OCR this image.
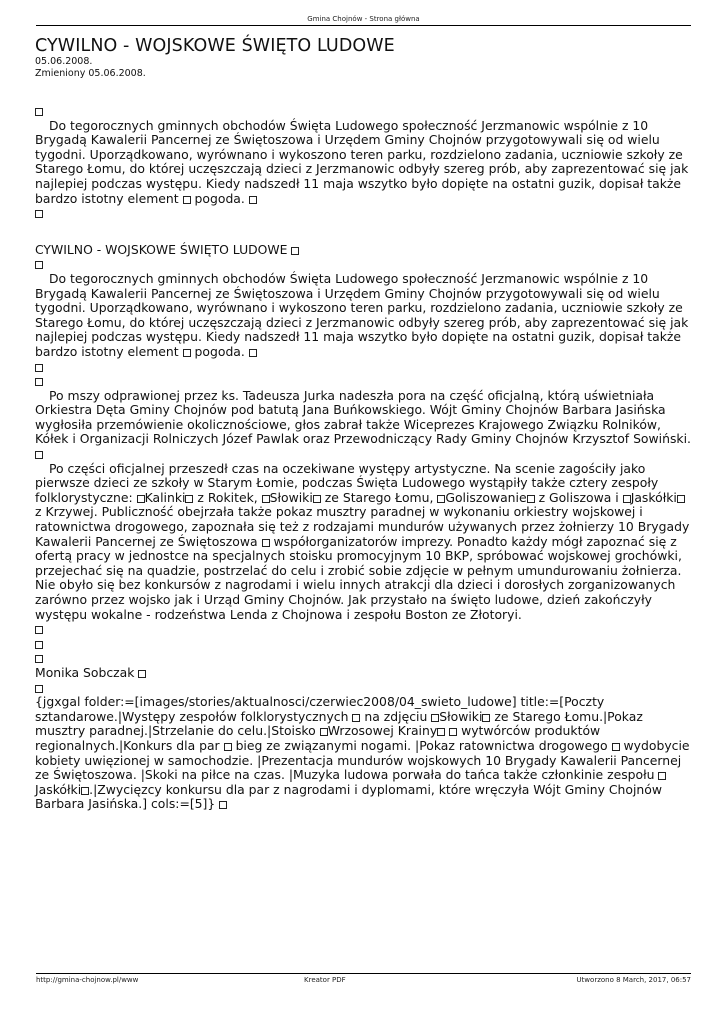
Gmina Chojnów - Strona główna
CYWILNO - WOJSKOWE ŚWIĘTO LUDOWE
05.06.2008.
Zmieniony 05.06.2008.

Do tegorocznych gminnych obchodów Święta Ludowego społeczność Jerzmanowic wspólnie z 10 Brygadą Kawalerii Pancernej ze Świętoszowa i Urzędem Gminy Chojnów przygotowywali się od wielu tygodni. Uporządkowano, wyrównano i wykoszono teren parku, rozdzielono zadania, uczniowie szkoły ze Starego Łomu, do której uczęszczają dzieci z Jerzmanowic odbyły szereg prób, aby zaprezentować się jak najlepiej podczas występu. Kiedy nadszedł 11 maja wszytko było dopięte na ostatni guzik, dopisał także bardzo istotny element pogoda.

CYWILNO - WOJSKOWE ŚWIĘTO LUDOWE

Do tegorocznych gminnych obchodów Święta Ludowego społeczność Jerzmanowic wspólnie z 10 Brygadą Kawalerii Pancernej ze Świętoszowa i Urzędem Gminy Chojnów przygotowywali się od wielu tygodni. Uporządkowano, wyrównano i wykoszono teren parku, rozdzielono zadania, uczniowie szkoły ze Starego Łomu, do której uczęszczają dzieci z Jerzmanowic odbyły szereg prób, aby zaprezentować się jak najlepiej podczas występu. Kiedy nadszedł 11 maja wszytko było dopięte na ostatni guzik, dopisał także bardzo istotny element pogoda.

Po mszy odprawionej przez ks. Tadeusza Jurka nadeszła pora na część oficjalną, którą uświetniała Orkiestra Dęta Gminy Chojnów pod batutą Jana Buńkowskiego. Wójt Gminy Chojnów Barbara Jasińska wygłosiła przemówienie okolicznościowe, głos zabrał także Wiceprezes Krajowego Związku Rolników, Kółek i Organizacji Rolniczych Józef Pawlak oraz Przewodniczący Rady Gminy Chojnów Krzysztof Sowiński.

Po części oficjalnej przeszedł czas na oczekiwane występy artystyczne. Na scenie zagościły jako pierwsze dzieci ze szkoły w Starym Łomie, podczas Święta Ludowego wystąpiły także cztery zespoły folklorystyczne: Kalinki z Rokitek, Słowiki ze Starego Łomu, Goliszowanie z Goliszowa i Jaskółki z Krzywej. Publiczność obejrzała także pokaz musztry paradnej w wykonaniu orkiestry wojskowej i ratownictwa drogowego, zapoznała się też z rodzajami mundurów używanych przez żołnierzy 10 Brygady Kawalerii Pancernej ze Świętoszowa współorganizatorów imprezy. Ponadto każdy mógł zapoznać się z ofertą pracy w jednostce na specjalnych stoisku promocyjnym 10 BKP, spróbować wojskowej grochówki, przejechać się na quadzie, postrzelać do celu i zrobić sobie zdjęcie w pełnym umundurowaniu żołnierza. Nie obyło się bez konkursów z nagrodami i wielu innych atrakcji dla dzieci i dorosłych zorganizowanych zarówno przez wojsko jak i Urząd Gminy Chojnów. Jak przystało na święto ludowe, dzień zakończyły występu wokalne - rodzeństwa Lenda z Chojnowa i zespołu Boston ze Złotoryi.

Monika Sobczak

{jgxgal folder:=[images/stories/aktualnosci/czerwiec2008/04_swieto_ludowe] title:=[Poczty sztandarowe.|Występy zespołów folklorystycznych na zdjęciu Słowiki ze Starego Łomu.|Pokaz musztry paradnej.|Strzelanie do celu.|Stoisko Wrzosowej Krainy wytwórców produktów regionalnych.|Konkurs dla par bieg ze związanymi nogami. |Pokaz ratownictwa drogowego wydobycie kobiety uwięzionej w samochodzie. |Prezentacja mundurów wojskowych 10 Brygady Kawalerii Pancernej ze Świętoszowa. |Skoki na piłce na czas. |Muzyka ludowa porwała do tańca także członkinie zespołu Jaskółki .|Zwycięzcy konkursu dla par z nagrodami i dyplomami, które wręczyła Wójt Gminy Chojnów Barbara Jasińska.] cols:=[5]}

http://gmina-chojnow.pl/www	Kreator PDF	Utworzono 8 March, 2017, 06:57
